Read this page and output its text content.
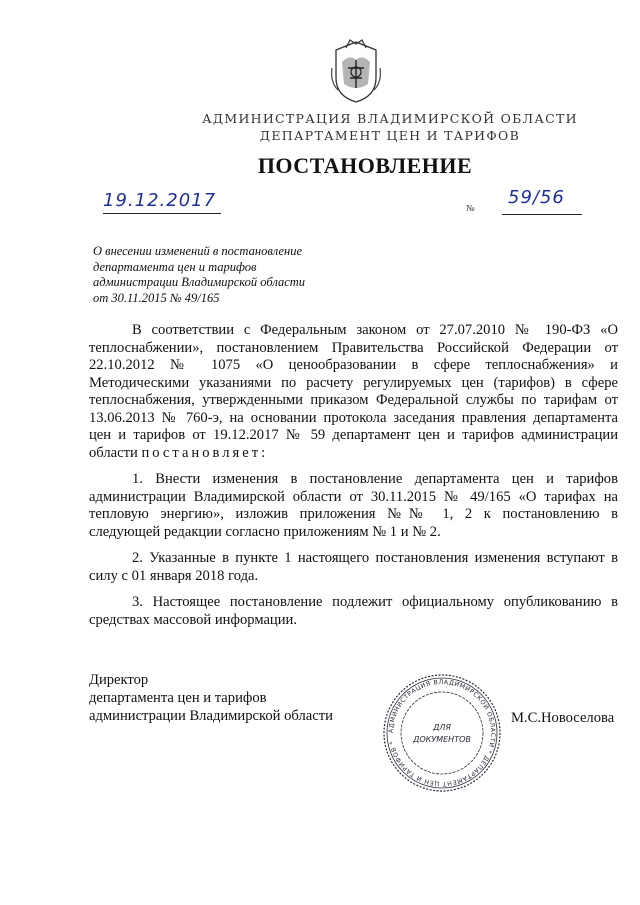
АДМИНИСТРАЦИЯ ВЛАДИМИРСКОЙ ОБЛАСТИ
ДЕПАРТАМЕНТ ЦЕН И ТАРИФОВ
ПОСТАНОВЛЕНИЕ
19.12.2017	№ 59/56
О внесении изменений в постановление
департамента цен и тарифов
администрации Владимирской области
от 30.11.2015 № 49/165
В соответствии с Федеральным законом от 27.07.2010 № 190-ФЗ «О
теплоснабжении», постановлением Правительства Российской Федерации от
22.10.2012 № 1075 «О ценообразовании в сфере теплоснабжения» и
Методическими указаниями по расчету регулируемых цен (тарифов) в сфере
теплоснабжения, утвержденными приказом Федеральной службы по тарифам от
13.06.2013 № 760-э, на основании протокола заседания правления департамента
цен и тарифов от 19.12.2017 № 59 департамент цен и тарифов администрации
области постановляет:
1. Внести изменения в постановление департамента цен и тарифов
администрации Владимирской области от 30.11.2015 № 49/165 «О тарифах на
тепловую энергию», изложив приложения №№ 1, 2 к постановлению в
следующей редакции согласно приложениям № 1 и № 2.
2. Указанные в пункте 1 настоящего постановления изменения вступают в
силу с 01 января 2018 года.
3. Настоящее постановление подлежит официальному опубликованию в
средствах массовой информации.
Директор
департамента цен и тарифов
администрации Владимирской области	М.С.Новоселова
АДМИНИСТРАЦИЯ ВЛАДИМИРСКОЙ ОБЛАСТИ * ДЕПАРТАМЕНТ ЦЕН И ТАРИФОВ *
ДЛЯ
ДОКУМЕНТОВ
